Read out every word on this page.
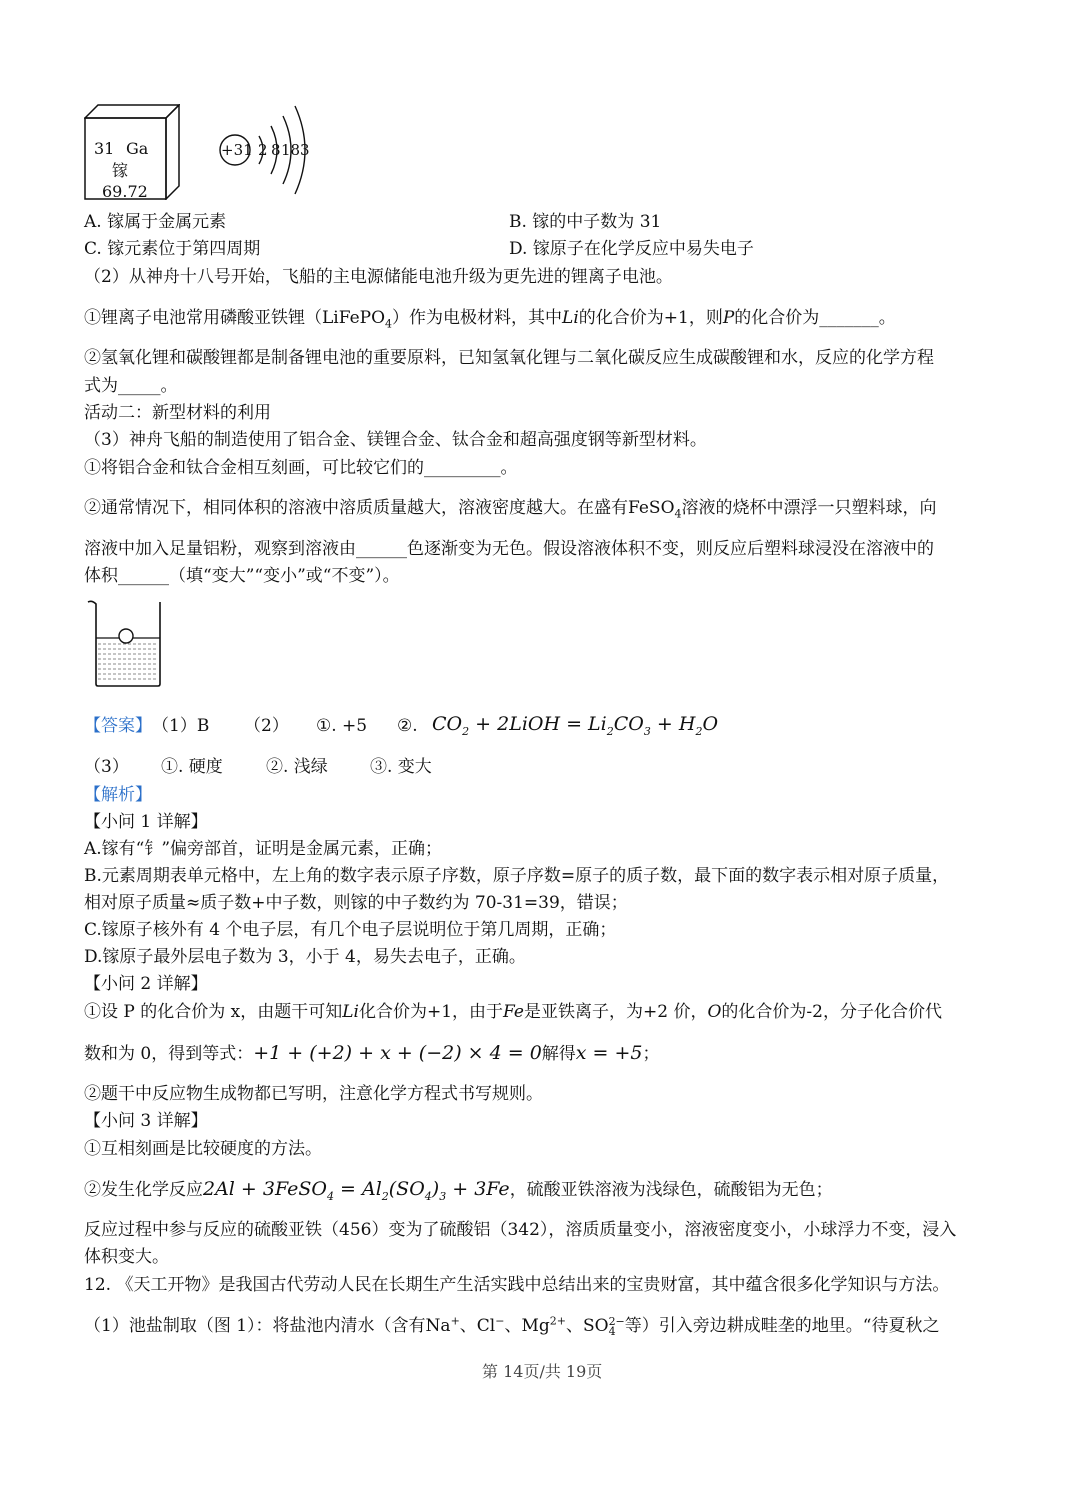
31 Ga
镓
69.72
+31 2 8 18 3
A. 镓属于金属元素	B. 镓的中子数为 31
C. 镓元素位于第四周期	D. 镓原子在化学反应中易失电子
（2）从神舟十八号开始，飞船的主电源储能电池升级为更先进的锂离子电池。
①锂离子电池常用磷酸亚铁锂（LiFePO$_4$）作为电极材料，其中Li的化合价为+1，则P的化合价为_______。
②氢氧化锂和碳酸锂都是制备锂电池的重要原料，已知氢氧化锂与二氧化碳反应生成碳酸锂和水，反应的化学方程
式为_____。
活动二：新型材料的利用
（3）神舟飞船的制造使用了铝合金、镁锂合金、钛合金和超高强度钢等新型材料。
①将铝合金和钛合金相互刻画，可比较它们的_________。
②通常情况下，相同体积的溶液中溶质质量越大，溶液密度越大。在盛有FeSO$_4$溶液的烧杯中漂浮一只塑料球，向
溶液中加入足量铝粉，观察到溶液由______色逐渐变为无色。假设溶液体积不变，则反应后塑料球浸没在溶液中的
体积______（填“变大”“变小”或“不变”）。
【答案】 （1）B （2） ①. +5 ②. $CO_2$ + 2LiOH = $Li_2CO_3 + H_2O$
（3） ①. 硬度	②. 浅绿 ③. 变大
【解析】
【小问 1 详解】
A.镓有“钅”偏旁部首，证明是金属元素，正确；
B.元素周期表单元格中，左上角的数字表示原子序数，原子序数=原子的质子数，最下面的数字表示相对原子质量，
相对原子质量≈质子数+中子数，则镓的中子数约为 70-31=39，错误；
C.镓原子核外有 4 个电子层，有几个电子层说明位于第几周期，正确；
D.镓原子最外层电子数为 3，小于 4，易失去电子，正确。
【小问 2 详解】
①设 P 的化合价为 x，由题干可知Li化合价为+1，由于Fe是亚铁离子，为+2 价，O的化合价为-2，分子化合价代
数和为 0，得到等式：+1 + (+2) + x + (−2) × 4 = 0解得x = +5；
②题干中反应物生成物都已写明，注意化学方程式书写规则。
【小问 3 详解】
①互相刻画是比较硬度的方法。
②发生化学反应2Al + 3FeSO$_4$ = $Al_2(SO_4)_3 + 3Fe$，硫酸亚铁溶液为浅绿色，硫酸铝为无色；
反应过程中参与反应的硫酸亚铁（456）变为了硫酸铝（342），溶质质量变小，溶液密度变小，小球浮力不变，浸入
体积变大。
12. 《天工开物》是我国古代劳动人民在长期生产生活实践中总结出来的宝贵财富，其中蕴含很多化学知识与方法。
（1）池盐制取（图 1）：将盐池内清水（含有Na+、Cl−、$Mg^{2+}$、SO 2−
4 等）引入旁边耕成畦垄的地里。“待夏秋之
第 14页/共 19页
